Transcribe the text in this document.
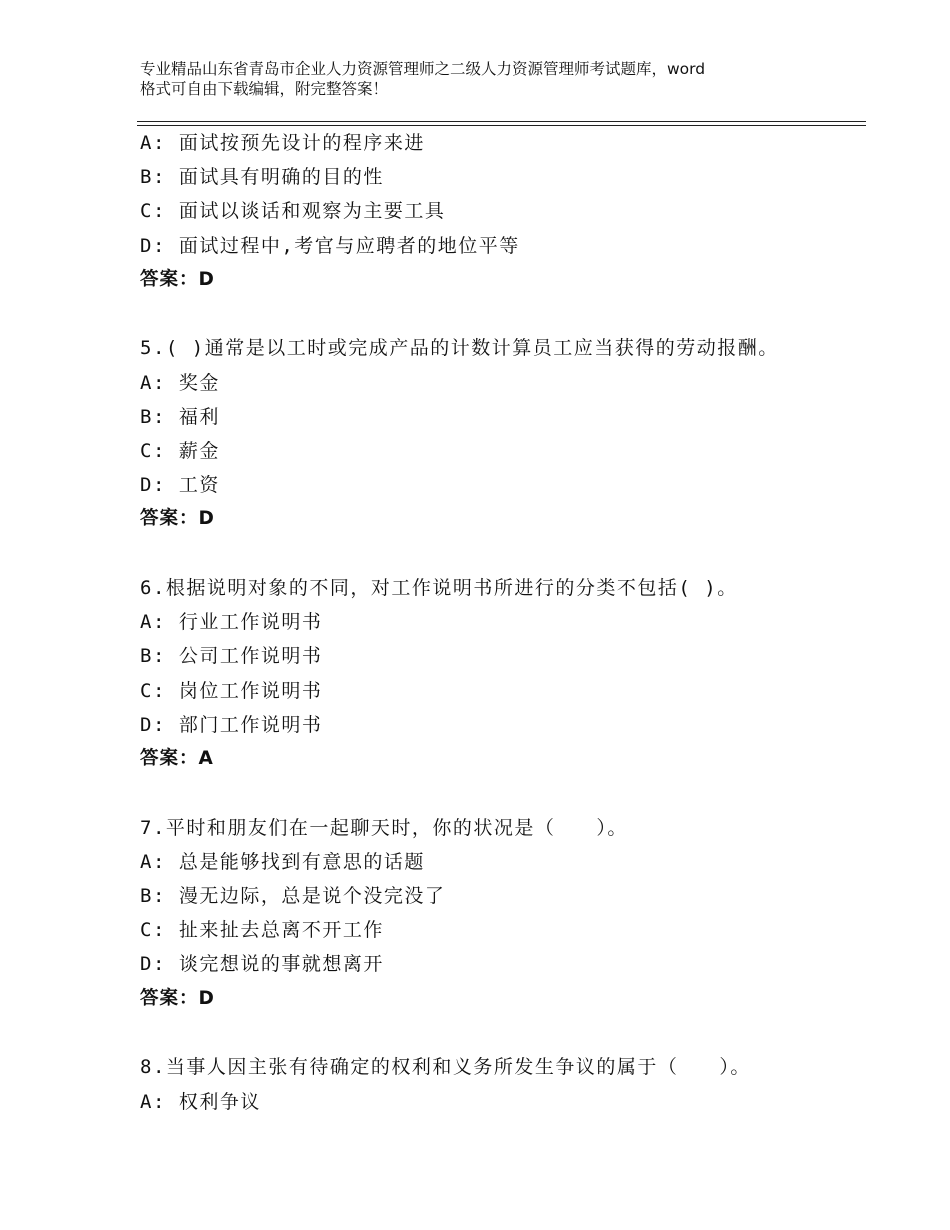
专业精品山东省青岛市企业人力资源管理师之二级人力资源管理师考试题库，word
格式可自由下载编辑，附完整答案！
A: 面试按预先设计的程序来进
B: 面试具有明确的目的性
C: 面试以谈话和观察为主要工具
D: 面试过程中,考官与应聘者的地位平等
答案：D
5.( )通常是以工时或完成产品的计数计算员工应当获得的劳动报酬。
A: 奖金
B: 福利
C: 薪金
D: 工资
答案：D
6.根据说明对象的不同，对工作说明书所进行的分类不包括( )。
A: 行业工作说明书
B: 公司工作说明书
C: 岗位工作说明书
D: 部门工作说明书
答案：A
7.平时和朋友们在一起聊天时，你的状况是（　　）。
A: 总是能够找到有意思的话题
B: 漫无边际，总是说个没完没了
C: 扯来扯去总离不开工作
D: 谈完想说的事就想离开
答案：D
8.当事人因主张有待确定的权利和义务所发生争议的属于（　　）。
A: 权利争议
